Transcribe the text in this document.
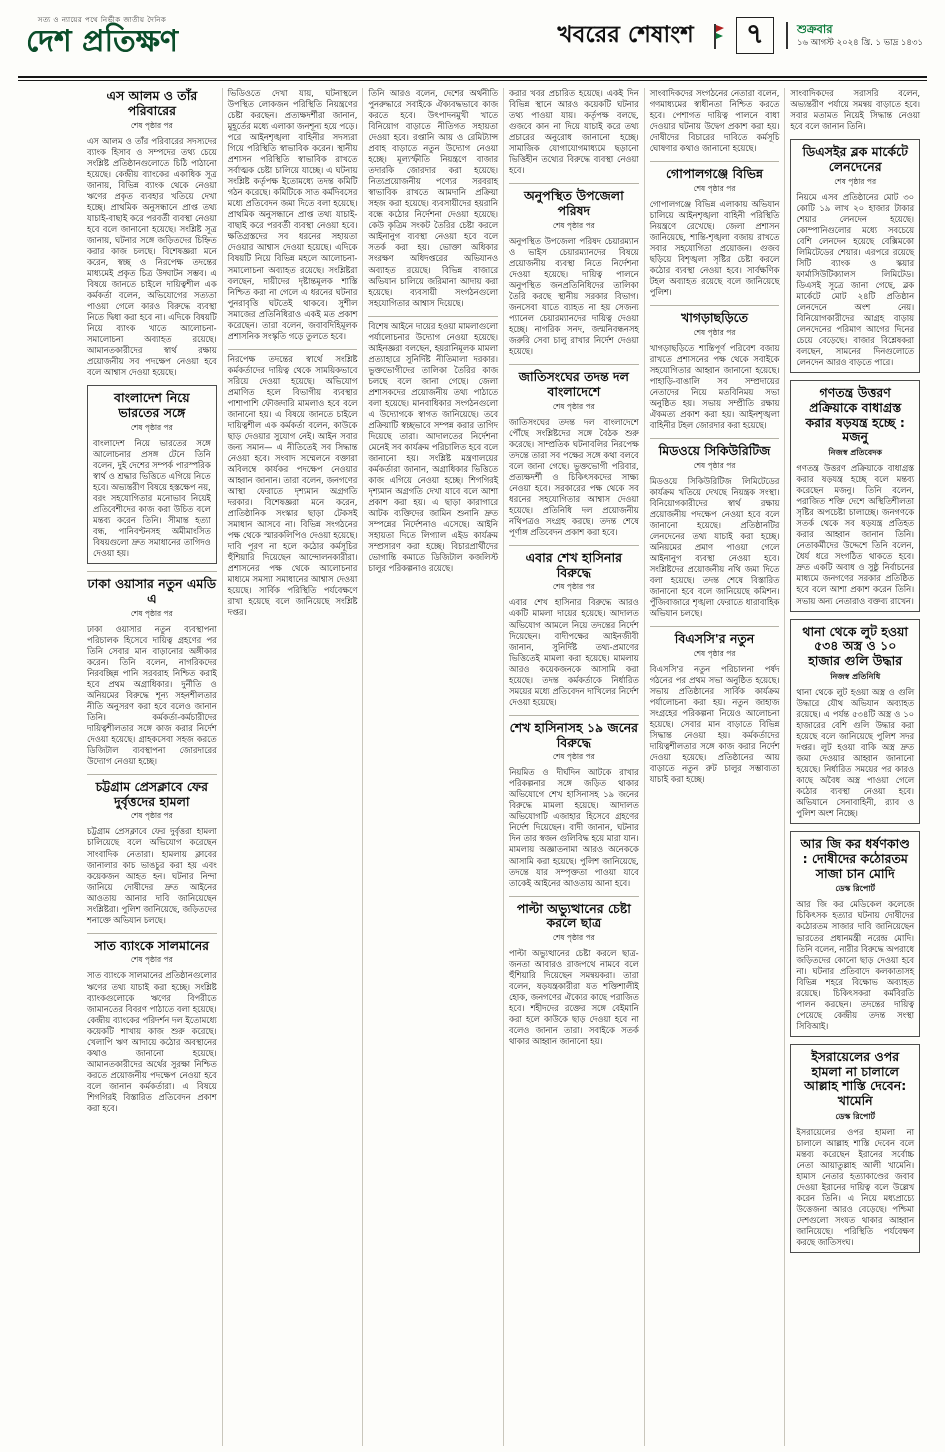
সত্য ও ন্যায়ের পথে নির্ভীক জাতীয় দৈনিক
দেশ প্রতিক্ষণ	খবরের শেষাংশ	৭	শুক্রবার
১৬ আগস্ট ২০২৪ খ্রি. ১ ভাদ্র ১৪৩১
এস আলম ও তাঁর পরিবারের
শেষ পৃষ্ঠার পর
এস আলম ও তাঁর পরিবারের সদস্যদের ব্যাংক হিসাব ও সম্পদের তথ্য চেয়ে সংশ্লিষ্ট প্রতিষ্ঠানগুলোতে চিঠি পাঠানো হয়েছে। কেন্দ্রীয় ব্যাংকের একাধিক সূত্র জানায়, বিভিন্ন ব্যাংক থেকে নেওয়া ঋণের প্রকৃত ব্যবহার খতিয়ে দেখা হচ্ছে। প্রাথমিক অনুসন্ধানে প্রাপ্ত তথ্য যাচাই-বাছাই করে পরবর্তী ব্যবস্থা নেওয়া হবে বলে জানানো হয়েছে। সংশ্লিষ্ট সূত্র জানায়, ঘটনার সঙ্গে জড়িতদের চিহ্নিত করার কাজ চলছে। বিশেষজ্ঞরা মনে করেন, স্বচ্ছ ও নিরপেক্ষ তদন্তের মাধ্যমেই প্রকৃত চিত্র উদ্ঘাটন সম্ভব। এ বিষয়ে জানতে চাইলে দায়িত্বশীল এক কর্মকর্তা বলেন, অভিযোগের সত্যতা পাওয়া গেলে কারও বিরুদ্ধে ব্যবস্থা নিতে দ্বিধা করা হবে না। এদিকে বিষয়টি নিয়ে ব্যাংক খাতে আলোচনা-সমালোচনা অব্যাহত রয়েছে। আমানতকারীদের স্বার্থ রক্ষায় প্রয়োজনীয় সব পদক্ষেপ নেওয়া হবে বলে আশ্বাস দেওয়া হয়েছে।
বাংলাদেশ নিয়ে ভারতের সঙ্গে
শেষ পৃষ্ঠার পর
বাংলাদেশ নিয়ে ভারতের সঙ্গে আলোচনার প্রসঙ্গ টেনে তিনি বলেন, দুই দেশের সম্পর্ক পারস্পরিক স্বার্থ ও শ্রদ্ধার ভিত্তিতে এগিয়ে নিতে হবে। অভ্যন্তরীণ বিষয়ে হস্তক্ষেপ নয়, বরং সহযোগিতার মনোভাব নিয়েই প্রতিবেশীদের কাজ করা উচিত বলে মন্তব্য করেন তিনি। সীমান্ত হত্যা বন্ধ, পানিবণ্টনসহ অমীমাংসিত বিষয়গুলো দ্রুত সমাধানের তাগিদও দেওয়া হয়।
ঢাকা ওয়াসার নতুন এমডি এ
শেষ পৃষ্ঠার পর
ঢাকা ওয়াসার নতুন ব্যবস্থাপনা পরিচালক হিসেবে দায়িত্ব গ্রহণের পর তিনি সেবার মান বাড়ানোর অঙ্গীকার করেন। তিনি বলেন, নাগরিকদের নিরবচ্ছিন্ন পানি সরবরাহ নিশ্চিত করাই হবে প্রথম অগ্রাধিকার। দুর্নীতি ও অনিয়মের বিরুদ্ধে শূন্য সহনশীলতার নীতি অনুসরণ করা হবে বলেও জানান তিনি। কর্মকর্তা-কর্মচারীদের দায়িত্বশীলতার সঙ্গে কাজ করার নির্দেশ দেওয়া হয়েছে। গ্রাহকসেবা সহজ করতে ডিজিটাল ব্যবস্থাপনা জোরদারের উদ্যোগ নেওয়া হচ্ছে।
চট্টগ্রাম প্রেসক্লাবে ফের দুর্বৃত্তদের হামলা
শেষ পৃষ্ঠার পর
চট্টগ্রাম প্রেসক্লাবে ফের দুর্বৃত্তরা হামলা চালিয়েছে বলে অভিযোগ করেছেন সাংবাদিক নেতারা। হামলায় ক্লাবের জানালার কাচ ভাঙচুর করা হয় এবং কয়েকজন আহত হন। ঘটনার নিন্দা জানিয়ে দোষীদের দ্রুত আইনের আওতায় আনার দাবি জানিয়েছেন সংশ্লিষ্টরা। পুলিশ জানিয়েছে, জড়িতদের শনাক্তে অভিযান চলছে।
সাত ব্যাংকে সালমানের
শেষ পৃষ্ঠার পর
সাত ব্যাংকে সালমানের প্রতিষ্ঠানগুলোর ঋণের তথ্য যাচাই করা হচ্ছে। সংশ্লিষ্ট ব্যাংকগুলোকে ঋণের বিপরীতে জামানতের বিবরণ পাঠাতে বলা হয়েছে। কেন্দ্রীয় ব্যাংকের পরিদর্শন দল ইতোমধ্যে কয়েকটি শাখায় কাজ শুরু করেছে। খেলাপি ঋণ আদায়ে কঠোর অবস্থানের কথাও জানানো হয়েছে। আমানতকারীদের অর্থের সুরক্ষা নিশ্চিত করতে প্রয়োজনীয় পদক্ষেপ নেওয়া হবে বলে জানান কর্মকর্তারা। এ বিষয়ে শিগগিরই বিস্তারিত প্রতিবেদন প্রকাশ করা হবে।
ভিডিওতে দেখা যায়, ঘটনাস্থলে উপস্থিত লোকজন পরিস্থিতি নিয়ন্ত্রণের চেষ্টা করছেন। প্রত্যক্ষদর্শীরা জানান, মুহূর্তের মধ্যে এলাকা জনশূন্য হয়ে পড়ে। পরে আইনশৃঙ্খলা বাহিনীর সদস্যরা গিয়ে পরিস্থিতি স্বাভাবিক করেন। স্থানীয় প্রশাসন পরিস্থিতি স্বাভাবিক রাখতে সর্বাত্মক চেষ্টা চালিয়ে যাচ্ছে। এ ঘটনায় সংশ্লিষ্ট কর্তৃপক্ষ ইতোমধ্যে তদন্ত কমিটি গঠন করেছে। কমিটিকে সাত কর্মদিবসের মধ্যে প্রতিবেদন জমা দিতে বলা হয়েছে। প্রাথমিক অনুসন্ধানে প্রাপ্ত তথ্য যাচাই-বাছাই করে পরবর্তী ব্যবস্থা নেওয়া হবে। ক্ষতিগ্রস্তদের সব ধরনের সহায়তা দেওয়ার আশ্বাস দেওয়া হয়েছে। এদিকে বিষয়টি নিয়ে বিভিন্ন মহলে আলোচনা-সমালোচনা অব্যাহত রয়েছে। সংশ্লিষ্টরা বলছেন, দায়ীদের দৃষ্টান্তমূলক শাস্তি নিশ্চিত করা না গেলে এ ধরনের ঘটনার পুনরাবৃত্তি ঘটতেই থাকবে। সুশীল সমাজের প্রতিনিধিরাও একই মত প্রকাশ করেছেন। তারা বলেন, জবাবদিহিমূলক প্রশাসনিক সংস্কৃতি গড়ে তুলতে হবে।
নিরপেক্ষ তদন্তের স্বার্থে সংশ্লিষ্ট কর্মকর্তাদের দায়িত্ব থেকে সাময়িকভাবে সরিয়ে দেওয়া হয়েছে। অভিযোগ প্রমাণিত হলে বিভাগীয় ব্যবস্থার পাশাপাশি ফৌজদারি মামলাও হবে বলে জানানো হয়। এ বিষয়ে জানতে চাইলে দায়িত্বশীল এক কর্মকর্তা বলেন, কাউকে ছাড় দেওয়ার সুযোগ নেই। আইন সবার জন্য সমান— এ নীতিতেই সব সিদ্ধান্ত নেওয়া হবে। সংবাদ সম্মেলনে বক্তারা অবিলম্বে কার্যকর পদক্ষেপ নেওয়ার আহ্বান জানান। তারা বলেন, জনগণের আস্থা ফেরাতে দৃশ্যমান অগ্রগতি দরকার। বিশেষজ্ঞরা মনে করেন, প্রাতিষ্ঠানিক সংস্কার ছাড়া টেকসই সমাধান আসবে না। বিভিন্ন সংগঠনের পক্ষ থেকে স্মারকলিপিও দেওয়া হয়েছে। দাবি পূরণ না হলে কঠোর কর্মসূচির হুঁশিয়ারি দিয়েছেন আন্দোলনকারীরা। প্রশাসনের পক্ষ থেকে আলোচনার মাধ্যমে সমস্যা সমাধানের আশ্বাস দেওয়া হয়েছে। সার্বিক পরিস্থিতি পর্যবেক্ষণে রাখা হয়েছে বলে জানিয়েছে সংশ্লিষ্ট দপ্তর।
তিনি আরও বলেন, দেশের অর্থনীতি পুনরুদ্ধারে সবাইকে ঐক্যবদ্ধভাবে কাজ করতে হবে। উৎপাদনমুখী খাতে বিনিয়োগ বাড়াতে নীতিগত সহায়তা দেওয়া হবে। রপ্তানি আয় ও রেমিট্যান্স প্রবাহ বাড়াতে নতুন উদ্যোগ নেওয়া হচ্ছে। মূল্যস্ফীতি নিয়ন্ত্রণে বাজার তদারকি জোরদার করা হয়েছে। নিত্যপ্রয়োজনীয় পণ্যের সরবরাহ স্বাভাবিক রাখতে আমদানি প্রক্রিয়া সহজ করা হয়েছে। ব্যবসায়ীদের হয়রানি বন্ধে কঠোর নির্দেশনা দেওয়া হয়েছে। কেউ কৃত্রিম সংকট তৈরির চেষ্টা করলে আইনানুগ ব্যবস্থা নেওয়া হবে বলে সতর্ক করা হয়। ভোক্তা অধিকার সংরক্ষণ অধিদপ্তরের অভিযানও অব্যাহত রয়েছে। বিভিন্ন বাজারে অভিযান চালিয়ে জরিমানা আদায় করা হয়েছে। ব্যবসায়ী সংগঠনগুলো সহযোগিতার আশ্বাস দিয়েছে।
বিশেষ আইনে দায়ের হওয়া মামলাগুলো পর্যালোচনার উদ্যোগ নেওয়া হয়েছে। আইনজ্ঞরা বলছেন, হয়রানিমূলক মামলা প্রত্যাহারে সুনির্দিষ্ট নীতিমালা দরকার। ভুক্তভোগীদের তালিকা তৈরির কাজ চলছে বলে জানা গেছে। জেলা প্রশাসকদের প্রয়োজনীয় তথ্য পাঠাতে বলা হয়েছে। মানবাধিকার সংগঠনগুলো এ উদ্যোগকে স্বাগত জানিয়েছে। তবে প্রক্রিয়াটি স্বচ্ছভাবে সম্পন্ন করার তাগিদ দিয়েছে তারা। আদালতের নির্দেশনা মেনেই সব কার্যক্রম পরিচালিত হবে বলে জানানো হয়। সংশ্লিষ্ট মন্ত্রণালয়ের কর্মকর্তারা জানান, অগ্রাধিকার ভিত্তিতে কাজ এগিয়ে নেওয়া হচ্ছে। শিগগিরই দৃশ্যমান অগ্রগতি দেখা যাবে বলে আশা প্রকাশ করা হয়। এ ছাড়া কারাগারে আটক ব্যক্তিদের জামিন শুনানি দ্রুত সম্পন্নের নির্দেশনাও এসেছে। আইনি সহায়তা দিতে লিগ্যাল এইড কার্যক্রম সম্প্রসারণ করা হচ্ছে। বিচারপ্রার্থীদের ভোগান্তি কমাতে ডিজিটাল কজলিস্ট চালুর পরিকল্পনাও রয়েছে।
করার খবর প্রচারিত হয়েছে। একই দিন বিভিন্ন স্থানে আরও কয়েকটি ঘটনার তথ্য পাওয়া যায়। কর্তৃপক্ষ বলছে, গুজবে কান না দিয়ে যাচাই করে তথ্য প্রচারের অনুরোধ জানানো হচ্ছে। সামাজিক যোগাযোগমাধ্যমে ছড়ানো ভিত্তিহীন তথ্যের বিরুদ্ধে ব্যবস্থা নেওয়া হবে।
অনুপস্থিত উপজেলা পরিষদ
শেষ পৃষ্ঠার পর
অনুপস্থিত উপজেলা পরিষদ চেয়ারম্যান ও ভাইস চেয়ারম্যানদের বিষয়ে প্রয়োজনীয় ব্যবস্থা নিতে নির্দেশনা দেওয়া হয়েছে। দায়িত্ব পালনে অনুপস্থিত জনপ্রতিনিধিদের তালিকা তৈরি করছে স্থানীয় সরকার বিভাগ। জনসেবা যাতে ব্যাহত না হয় সেজন্য প্যানেল চেয়ারম্যানদের দায়িত্ব দেওয়া হচ্ছে। নাগরিক সনদ, জন্মনিবন্ধনসহ জরুরি সেবা চালু রাখার নির্দেশ দেওয়া হয়েছে।
জাতিসংঘের তদন্ত দল বাংলাদেশে
শেষ পৃষ্ঠার পর
জাতিসংঘের তদন্ত দল বাংলাদেশে পৌঁছে সংশ্লিষ্টদের সঙ্গে বৈঠক শুরু করেছে। সাম্প্রতিক ঘটনাবলির নিরপেক্ষ তদন্তে তারা সব পক্ষের সঙ্গে কথা বলবে বলে জানা গেছে। ভুক্তভোগী পরিবার, প্রত্যক্ষদর্শী ও চিকিৎসকদের সাক্ষ্য নেওয়া হবে। সরকারের পক্ষ থেকে সব ধরনের সহযোগিতার আশ্বাস দেওয়া হয়েছে। প্রতিনিধি দল প্রয়োজনীয় নথিপত্রও সংগ্রহ করছে। তদন্ত শেষে পূর্ণাঙ্গ প্রতিবেদন প্রকাশ করা হবে।
এবার শেখ হাসিনার বিরুদ্ধে
শেষ পৃষ্ঠার পর
এবার শেখ হাসিনার বিরুদ্ধে আরও একটি মামলা দায়ের হয়েছে। আদালত অভিযোগ আমলে নিয়ে তদন্তের নির্দেশ দিয়েছেন। বাদীপক্ষের আইনজীবী জানান, সুনির্দিষ্ট তথ্য-প্রমাণের ভিত্তিতেই মামলা করা হয়েছে। মামলায় আরও কয়েকজনকে আসামি করা হয়েছে। তদন্ত কর্মকর্তাকে নির্ধারিত সময়ের মধ্যে প্রতিবেদন দাখিলের নির্দেশ দেওয়া হয়েছে।
শেখ হাসিনাসহ ১৯ জনের বিরুদ্ধে
শেষ পৃষ্ঠার পর
নিয়মিত ও দীর্ঘদিন আটকে রাখার পরিকল্পনার সঙ্গে জড়িত থাকার অভিযোগে শেখ হাসিনাসহ ১৯ জনের বিরুদ্ধে মামলা হয়েছে। আদালত অভিযোগটি এজাহার হিসেবে গ্রহণের নির্দেশ দিয়েছেন। বাদী জানান, ঘটনার দিন তার স্বজন গুলিবিদ্ধ হয়ে মারা যান। মামলায় অজ্ঞাতনামা আরও অনেককে আসামি করা হয়েছে। পুলিশ জানিয়েছে, তদন্তে যার সম্পৃক্ততা পাওয়া যাবে তাকেই আইনের আওতায় আনা হবে।
পাল্টা অভ্যুত্থানের চেষ্টা করলে ছাত্র
শেষ পৃষ্ঠার পর
পাল্টা অভ্যুত্থানের চেষ্টা করলে ছাত্র-জনতা আবারও রাজপথে নামবে বলে হুঁশিয়ারি দিয়েছেন সমন্বয়করা। তারা বলেন, ষড়যন্ত্রকারীরা যত শক্তিশালীই হোক, জনগণের ঐক্যের কাছে পরাজিত হবে। শহীদদের রক্তের সঙ্গে বেইমানি করা হলে কাউকে ছাড় দেওয়া হবে না বলেও জানান তারা। সবাইকে সতর্ক থাকার আহ্বান জানানো হয়।
সাংবাদিকদের সংগঠনের নেতারা বলেন, গণমাধ্যমের স্বাধীনতা নিশ্চিত করতে হবে। পেশাগত দায়িত্ব পালনে বাধা দেওয়ার ঘটনায় উদ্বেগ প্রকাশ করা হয়। দোষীদের বিচারের দাবিতে কর্মসূচি ঘোষণার কথাও জানানো হয়েছে।
গোপালগঞ্জে বিভিন্ন
শেষ পৃষ্ঠার পর
গোপালগঞ্জে বিভিন্ন এলাকায় অভিযান চালিয়ে আইনশৃঙ্খলা বাহিনী পরিস্থিতি নিয়ন্ত্রণে রেখেছে। জেলা প্রশাসন জানিয়েছে, শান্তি-শৃঙ্খলা বজায় রাখতে সবার সহযোগিতা প্রয়োজন। গুজব ছড়িয়ে বিশৃঙ্খলা সৃষ্টির চেষ্টা করলে কঠোর ব্যবস্থা নেওয়া হবে। সার্বক্ষণিক টহল অব্যাহত রয়েছে বলে জানিয়েছে পুলিশ।
খাগড়াছড়িতে
শেষ পৃষ্ঠার পর
খাগড়াছড়িতে শান্তিপূর্ণ পরিবেশ বজায় রাখতে প্রশাসনের পক্ষ থেকে সবাইকে সহযোগিতার আহ্বান জানানো হয়েছে। পাহাড়ি-বাঙালি সব সম্প্রদায়ের নেতাদের নিয়ে মতবিনিময় সভা অনুষ্ঠিত হয়। সভায় সম্প্রীতি রক্ষায় ঐকমত্য প্রকাশ করা হয়। আইনশৃঙ্খলা বাহিনীর টহল জোরদার করা হয়েছে।
মিডওয়ে সিকিউরিটিজ
শেষ পৃষ্ঠার পর
মিডওয়ে সিকিউরিটিজ লিমিটেডের কার্যক্রম খতিয়ে দেখছে নিয়ন্ত্রক সংস্থা। বিনিয়োগকারীদের স্বার্থ রক্ষায় প্রয়োজনীয় পদক্ষেপ নেওয়া হবে বলে জানানো হয়েছে। প্রতিষ্ঠানটির লেনদেনের তথ্য যাচাই করা হচ্ছে। অনিয়মের প্রমাণ পাওয়া গেলে আইনানুগ ব্যবস্থা নেওয়া হবে। সংশ্লিষ্টদের প্রয়োজনীয় নথি জমা দিতে বলা হয়েছে। তদন্ত শেষে বিস্তারিত জানানো হবে বলে জানিয়েছে কমিশন। পুঁজিবাজারে শৃঙ্খলা ফেরাতে ধারাবাহিক অভিযান চলছে।
বিএসসি'র নতুন
শেষ পৃষ্ঠার পর
বিএসসি'র নতুন পরিচালনা পর্ষদ গঠনের পর প্রথম সভা অনুষ্ঠিত হয়েছে। সভায় প্রতিষ্ঠানের সার্বিক কার্যক্রম পর্যালোচনা করা হয়। নতুন জাহাজ সংগ্রহের পরিকল্পনা নিয়েও আলোচনা হয়েছে। সেবার মান বাড়াতে বিভিন্ন সিদ্ধান্ত নেওয়া হয়। কর্মকর্তাদের দায়িত্বশীলতার সঙ্গে কাজ করার নির্দেশ দেওয়া হয়েছে। প্রতিষ্ঠানের আয় বাড়াতে নতুন রুট চালুর সম্ভাব্যতা যাচাই করা হচ্ছে।
সাংবাদিকদের সরাসরি বলেন, অভ্যন্তরীণ পর্যায়ে সমন্বয় বাড়াতে হবে। সবার মতামত নিয়েই সিদ্ধান্ত নেওয়া হবে বলে জানান তিনি।
ডিএসইর ব্লক মার্কেটে লেনদেনের
শেষ পৃষ্ঠার পর
নিয়মে এসব প্রতিষ্ঠানের মোট ৩০ কোটি ১৯ লাখ ২০ হাজার টাকার শেয়ার লেনদেন হয়েছে। কোম্পানিগুলোর মধ্যে সবচেয়ে বেশি লেনদেন হয়েছে বেক্সিমকো লিমিটেডের শেয়ার। এরপরে রয়েছে সিটি ব্যাংক ও স্কয়ার ফার্মাসিউটিক্যালস লিমিটেড। ডিএসই সূত্রে জানা গেছে, ব্লক মার্কেটে মোট ২৪টি প্রতিষ্ঠান লেনদেনে অংশ নেয়। বিনিয়োগকারীদের আগ্রহ বাড়ায় লেনদেনের পরিমাণ আগের দিনের চেয়ে বেড়েছে। বাজার বিশ্লেষকরা বলছেন, সামনের দিনগুলোতে লেনদেন আরও বাড়তে পারে।
গণতন্ত্র উত্তরণ প্রক্রিয়াকে বাধাগ্রস্ত করার ষড়যন্ত্র হচ্ছে : মজনু
নিজস্ব প্রতিবেদক
গণতন্ত্র উত্তরণ প্রক্রিয়াকে বাধাগ্রস্ত করার ষড়যন্ত্র হচ্ছে বলে মন্তব্য করেছেন মজনু। তিনি বলেন, পরাজিত শক্তি দেশে অস্থিতিশীলতা সৃষ্টির অপচেষ্টা চালাচ্ছে। জনগণকে সতর্ক থেকে সব ষড়যন্ত্র প্রতিহত করার আহ্বান জানান তিনি। নেতাকর্মীদের উদ্দেশে তিনি বলেন, ধৈর্য ধরে সংগঠিত থাকতে হবে। দ্রুত একটি অবাধ ও সুষ্ঠু নির্বাচনের মাধ্যমে জনগণের সরকার প্রতিষ্ঠিত হবে বলে আশা প্রকাশ করেন তিনি। সভায় অন্য নেতারাও বক্তব্য রাখেন।
থানা থেকে লুট হওয়া ৫৩৪ অস্ত্র ও ১০ হাজার গুলি উদ্ধার
নিজস্ব প্রতিনিধি
থানা থেকে লুট হওয়া অস্ত্র ও গুলি উদ্ধারে যৌথ অভিযান অব্যাহত রয়েছে। এ পর্যন্ত ৫৩৪টি অস্ত্র ও ১০ হাজারের বেশি গুলি উদ্ধার করা হয়েছে বলে জানিয়েছে পুলিশ সদর দপ্তর। লুট হওয়া বাকি অস্ত্র দ্রুত জমা দেওয়ার আহ্বান জানানো হয়েছে। নির্ধারিত সময়ের পর কারও কাছে অবৈধ অস্ত্র পাওয়া গেলে কঠোর ব্যবস্থা নেওয়া হবে। অভিযানে সেনাবাহিনী, র‌্যাব ও পুলিশ অংশ নিচ্ছে।
আর জি কর ধর্ষণকাণ্ড : দোষীদের কঠোরতম সাজা চান মোদি
ডেস্ক রিপোর্ট
আর জি কর মেডিকেল কলেজে চিকিৎসক হত্যার ঘটনায় দোষীদের কঠোরতম সাজার দাবি জানিয়েছেন ভারতের প্রধানমন্ত্রী নরেন্দ্র মোদি। তিনি বলেন, নারীর বিরুদ্ধে অপরাধে জড়িতদের কোনো ছাড় দেওয়া হবে না। ঘটনার প্রতিবাদে কলকাতাসহ বিভিন্ন শহরে বিক্ষোভ অব্যাহত রয়েছে। চিকিৎসকরা কর্মবিরতি পালন করছেন। তদন্তের দায়িত্ব পেয়েছে কেন্দ্রীয় তদন্ত সংস্থা সিবিআই।
ইসরায়েলের ওপর হামলা না চালালে আল্লাহ শাস্তি দেবেন: খামেনি
ডেস্ক রিপোর্ট
ইসরায়েলের ওপর হামলা না চালালে আল্লাহ শাস্তি দেবেন বলে মন্তব্য করেছেন ইরানের সর্বোচ্চ নেতা আয়াতুল্লাহ আলী খামেনি। হামাস নেতার হত্যাকাণ্ডের জবাব দেওয়া ইরানের দায়িত্ব বলে উল্লেখ করেন তিনি। এ নিয়ে মধ্যপ্রাচ্যে উত্তেজনা আরও বেড়েছে। পশ্চিমা দেশগুলো সংযত থাকার আহ্বান জানিয়েছে। পরিস্থিতি পর্যবেক্ষণ করছে জাতিসংঘ।
